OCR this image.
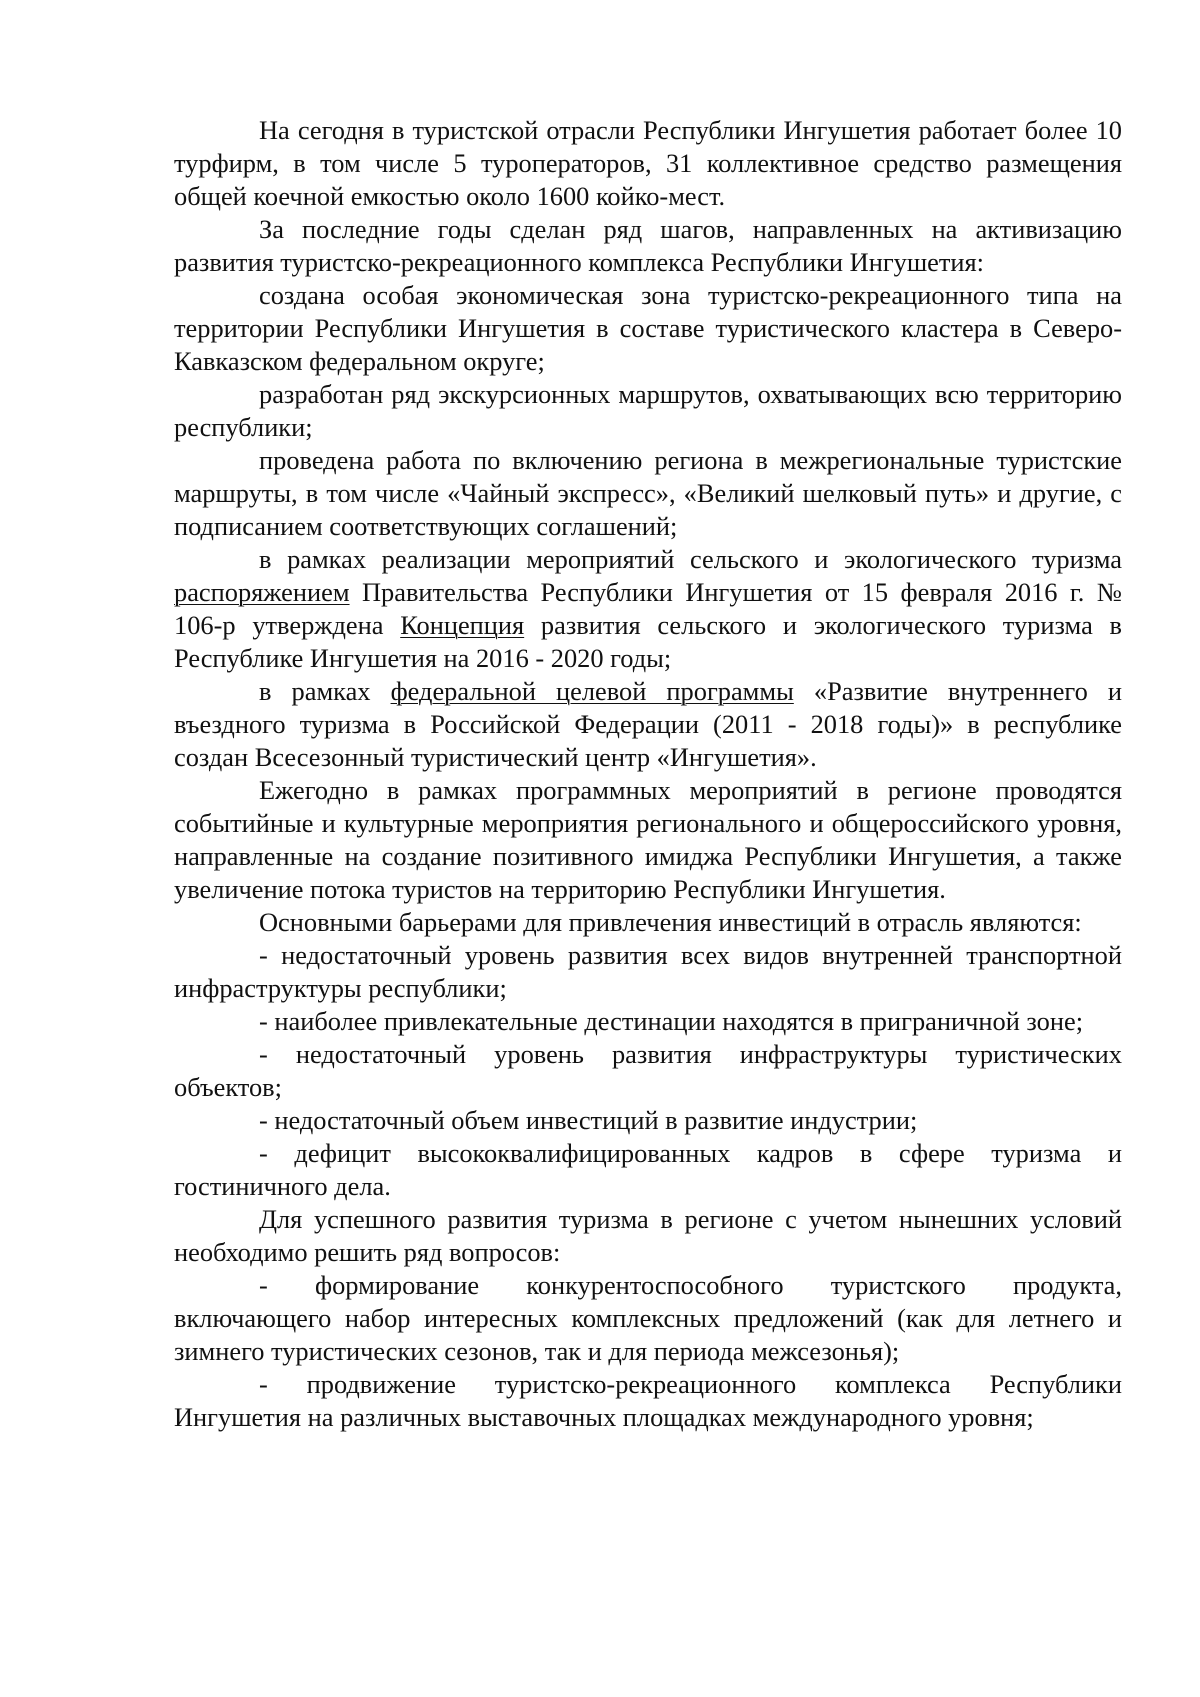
На сегодня в туристской отрасли Республики Ингушетия работает более 10 турфирм, в том числе 5 туроператоров, 31 коллективное средство размещения общей коечной емкостью около 1600 койко-мест.

За последние годы сделан ряд шагов, направленных на активизацию развития туристско-рекреационного комплекса Республики Ингушетия:

создана особая экономическая зона туристско-рекреационного типа на территории Республики Ингушетия в составе туристического кластера в Северо-Кавказском федеральном округе;

разработан ряд экскурсионных маршрутов, охватывающих всю территорию республики;

проведена работа по включению региона в межрегиональные туристские маршруты, в том числе «Чайный экспресс», «Великий шелковый путь» и другие, с подписанием соответствующих соглашений;

в рамках реализации мероприятий сельского и экологического туризма распоряжением Правительства Республики Ингушетия от 15 февраля 2016 г. № 106-р утверждена Концепция развития сельского и экологического туризма в Республике Ингушетия на 2016 - 2020 годы;

в рамках федеральной целевой программы «Развитие внутреннего и въездного туризма в Российской Федерации (2011 - 2018 годы)» в республике создан Всесезонный туристический центр «Ингушетия».

Ежегодно в рамках программных мероприятий в регионе проводятся событийные и культурные мероприятия регионального и общероссийского уровня, направленные на создание позитивного имиджа Республики Ингушетия, а также увеличение потока туристов на территорию Республики Ингушетия.

Основными барьерами для привлечения инвестиций в отрасль являются:

- недостаточный уровень развития всех видов внутренней транспортной инфраструктуры республики;

- наиболее привлекательные дестинации находятся в приграничной зоне;

- недостаточный уровень развития инфраструктуры туристических объектов;

- недостаточный объем инвестиций в развитие индустрии;

- дефицит высококвалифицированных кадров в сфере туризма и гостиничного дела.

Для успешного развития туризма в регионе с учетом нынешних условий необходимо решить ряд вопросов:

- формирование конкурентоспособного туристского продукта, включающего набор интересных комплексных предложений (как для летнего и зимнего туристических сезонов, так и для периода межсезонья);

- продвижение туристско-рекреационного комплекса Республики Ингушетия на различных выставочных площадках международного уровня;
